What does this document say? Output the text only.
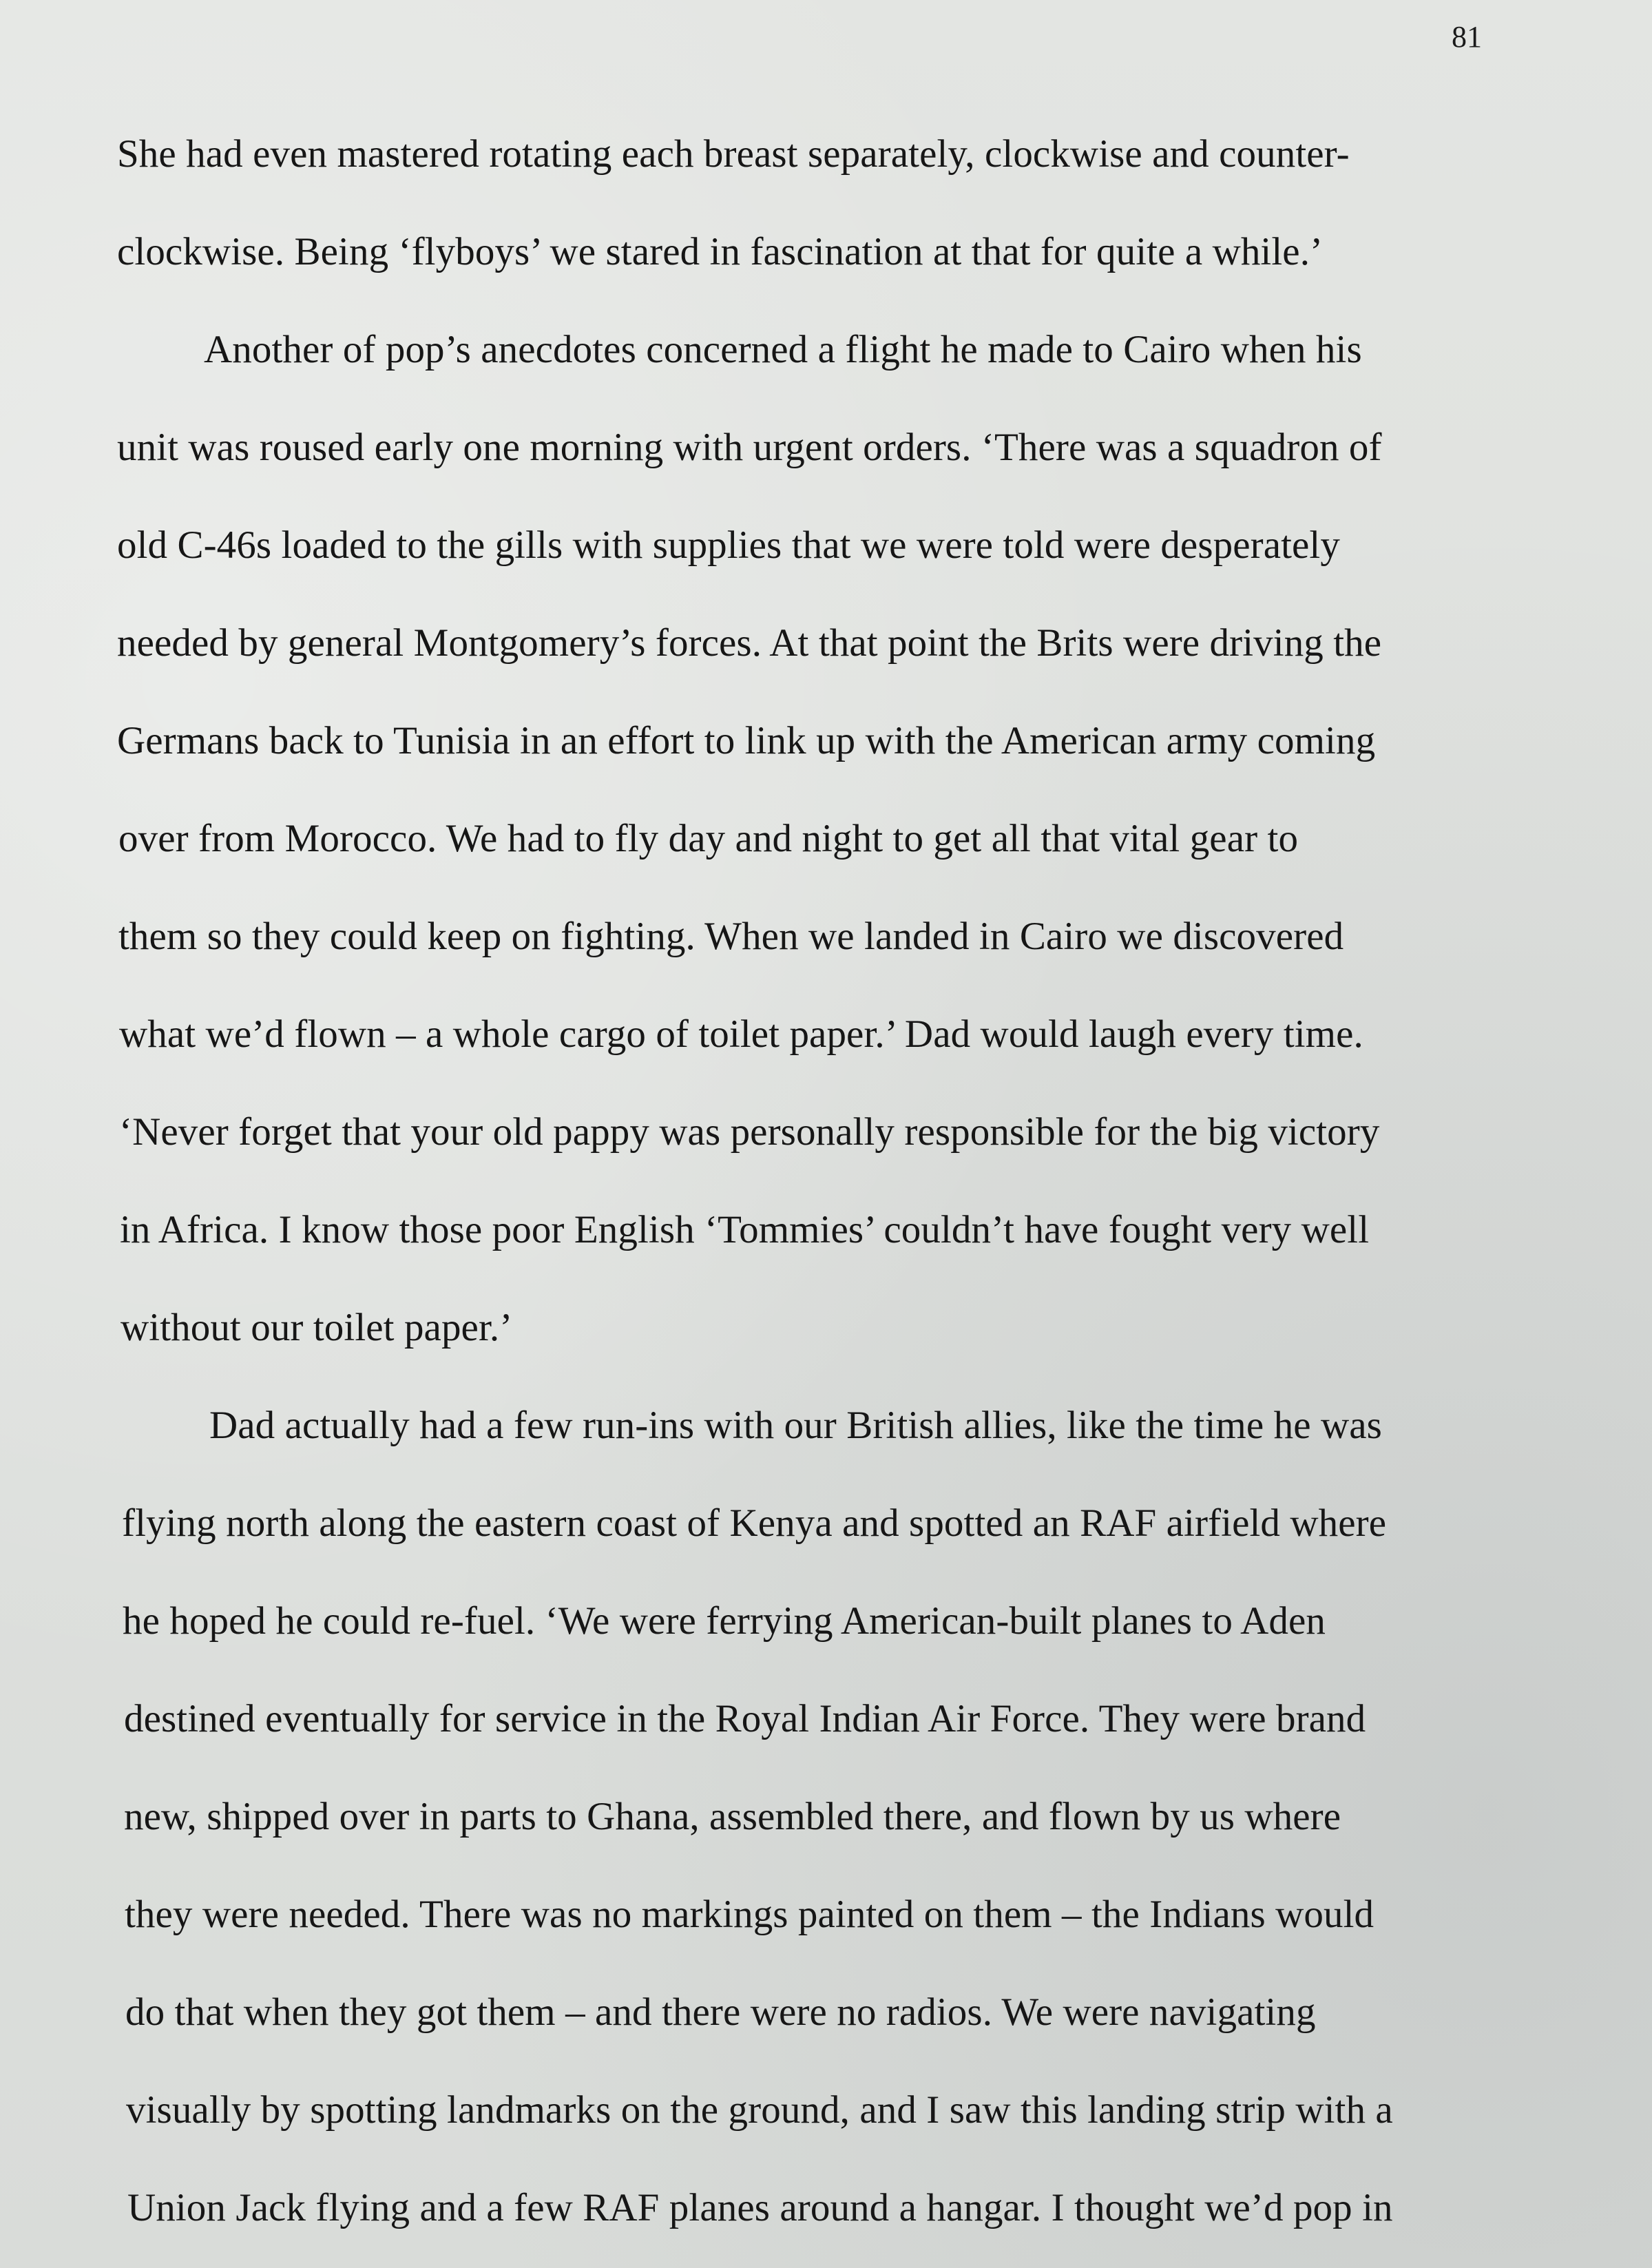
81
She had even mastered rotating each breast separately, clockwise and counter-
clockwise. Being ‘flyboys’ we stared in fascination at that for quite a while.’
Another of pop’s anecdotes concerned a flight he made to Cairo when his
unit was roused early one morning with urgent orders. ‘There was a squadron of
old C-46s loaded to the gills with supplies that we were told were desperately
needed by general Montgomery’s forces. At that point the Brits were driving the
Germans back to Tunisia in an effort to link up with the American army coming
over from Morocco. We had to fly day and night to get all that vital gear to
them so they could keep on fighting. When we landed in Cairo we discovered
what we’d flown – a whole cargo of toilet paper.’ Dad would laugh every time.
‘Never forget that your old pappy was personally responsible for the big victory
in Africa. I know those poor English ‘Tommies’ couldn’t have fought very well
without our toilet paper.’
Dad actually had a few run-ins with our British allies, like the time he was
flying north along the eastern coast of Kenya and spotted an RAF airfield where
he hoped he could re-fuel. ‘We were ferrying American-built planes to Aden
destined eventually for service in the Royal Indian Air Force. They were brand
new, shipped over in parts to Ghana, assembled there, and flown by us where
they were needed. There was no markings painted on them – the Indians would
do that when they got them – and there were no radios. We were navigating
visually by spotting landmarks on the ground, and I saw this landing strip with a
Union Jack flying and a few RAF planes around a hangar. I thought we’d pop in
